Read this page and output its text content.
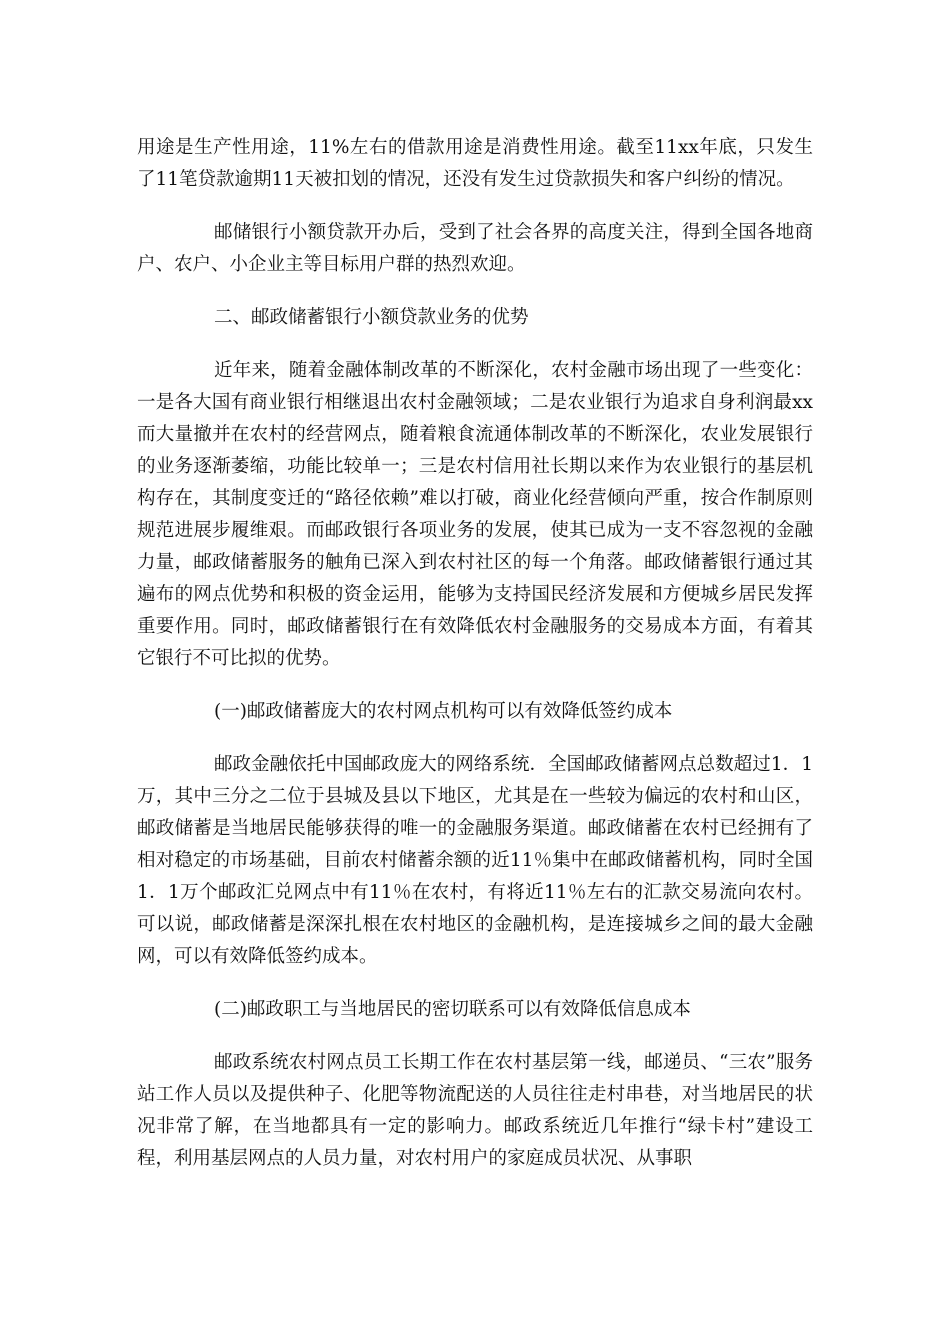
用途是生产性用途，11%左右的借款用途是消费性用途。截至11xx年底，只发生了11笔贷款逾期11天被扣划的情况，还没有发生过贷款损失和客户纠纷的情况。

邮储银行小额贷款开办后，受到了社会各界的高度关注，得到全国各地商户、农户、小企业主等目标用户群的热烈欢迎。

二、邮政储蓄银行小额贷款业务的优势

近年来，随着金融体制改革的不断深化，农村金融市场出现了一些变化：一是各大国有商业银行相继退出农村金融领域；二是农业银行为追求自身利润最xx而大量撤并在农村的经营网点，随着粮食流通体制改革的不断深化，农业发展银行的业务逐渐萎缩，功能比较单一；三是农村信用社长期以来作为农业银行的基层机构存在，其制度变迁的“路径依赖”难以打破，商业化经营倾向严重，按合作制原则规范进展步履维艰。而邮政银行各项业务的发展，使其已成为一支不容忽视的金融力量，邮政储蓄服务的触角已深入到农村社区的每一个角落。邮政储蓄银行通过其遍布的网点优势和积极的资金运用，能够为支持国民经济发展和方便城乡居民发挥重要作用。同时，邮政储蓄银行在有效降低农村金融服务的交易成本方面，有着其它银行不可比拟的优势。

(一)邮政储蓄庞大的农村网点机构可以有效降低签约成本

邮政金融依托中国邮政庞大的网络系统．全国邮政储蓄网点总数超过1．1万，其中三分之二位于县城及县以下地区，尤其是在一些较为偏远的农村和山区，邮政储蓄是当地居民能够获得的唯一的金融服务渠道。邮政储蓄在农村已经拥有了相对稳定的市场基础，目前农村储蓄余额的近11％集中在邮政储蓄机构，同时全国1．1万个邮政汇兑网点中有11％在农村，有将近11％左右的汇款交易流向农村。可以说，邮政储蓄是深深扎根在农村地区的金融机构，是连接城乡之间的最大金融网，可以有效降低签约成本。

(二)邮政职工与当地居民的密切联系可以有效降低信息成本

邮政系统农村网点员工长期工作在农村基层第一线，邮递员、“三农”服务站工作人员以及提供种子、化肥等物流配送的人员往往走村串巷，对当地居民的状况非常了解，在当地都具有一定的影响力。邮政系统近几年推行“绿卡村”建设工程，利用基层网点的人员力量，对农村用户的家庭成员状况、从事职
